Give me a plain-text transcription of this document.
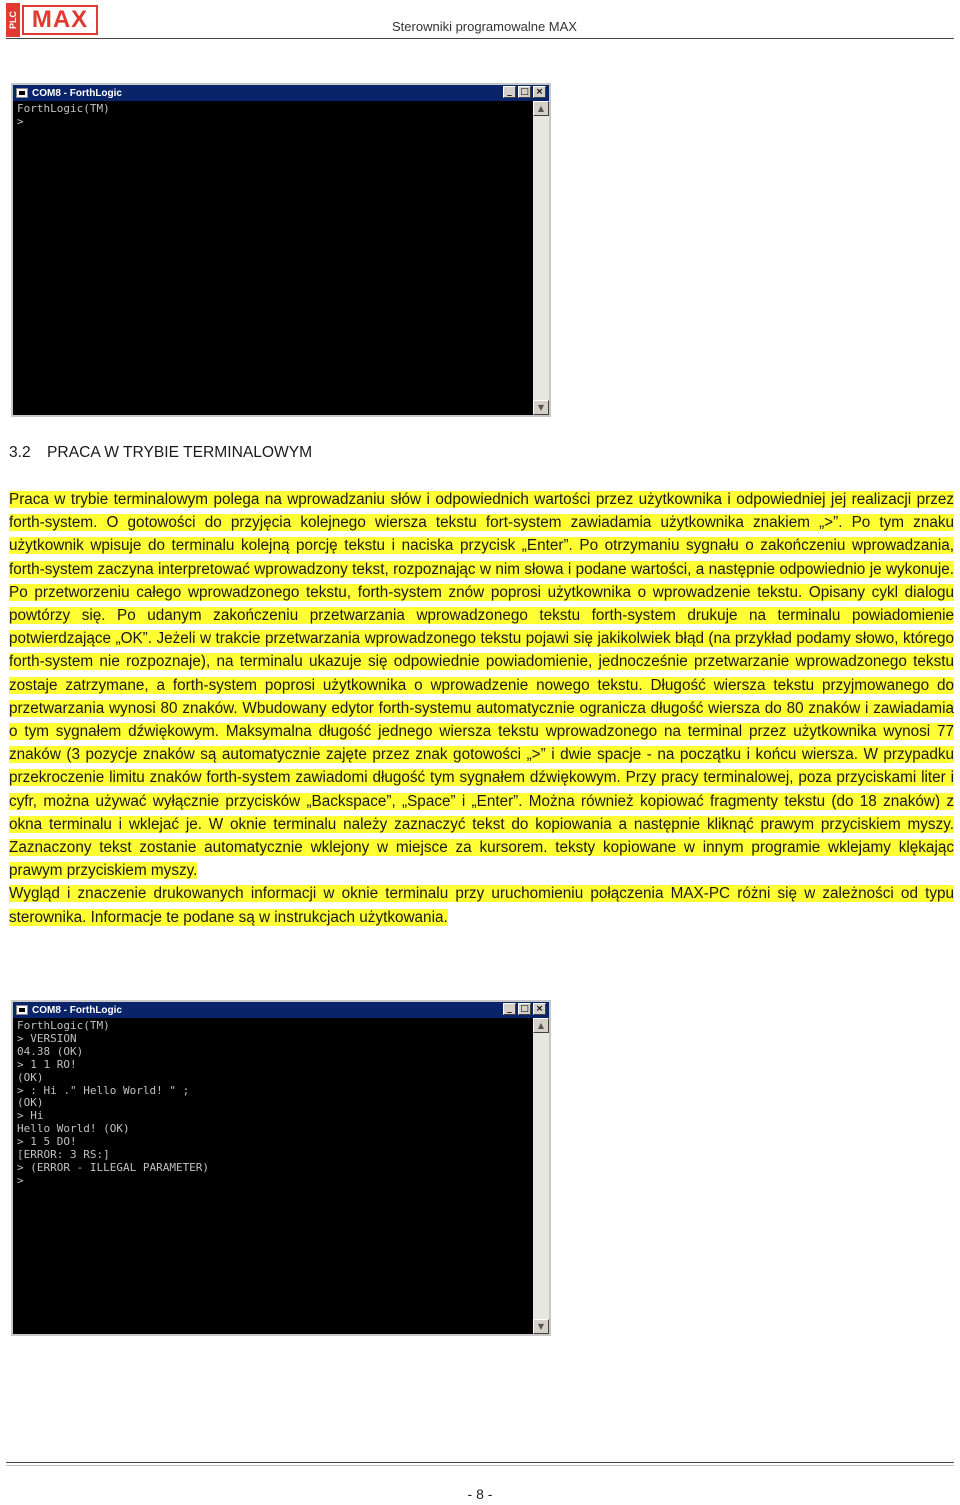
PLC MAX	Sterowniki programowalne MAX
COM8 - ForthLogic	_ □ ×
ForthLogic(TM)
>
▲
▼
3.2 PRACA W TRYBIE TERMINALOWYM

Praca w trybie terminalowym polega na wprowadzaniu słów i odpowiednich wartości przez użytkownika i odpowiedniej jej realizacji przez forth-system. O gotowości do przyjęcia kolejnego wiersza tekstu fort-system zawiadamia użytkownika znakiem „>”. Po tym znaku użytkownik wpisuje do terminalu kolejną porcję tekstu i naciska przycisk „Enter”. Po otrzymaniu sygnału o zakończeniu wprowadzania, forth-system zaczyna interpretować wprowadzony tekst, rozpoznając w nim słowa i podane wartości, a następnie odpowiednio je wykonuje. Po przetworzeniu całego wprowadzonego tekstu, forth-system znów poprosi użytkownika o wprowadzenie tekstu. Opisany cykl dialogu powtórzy się. Po udanym zakończeniu przetwarzania wprowadzonego tekstu forth-system drukuje na terminalu powiadomienie potwierdzające „OK”. Jeżeli w trakcie przetwarzania wprowadzonego tekstu pojawi się jakikolwiek błąd (na przykład podamy słowo, którego forth-system nie rozpoznaje), na terminalu ukazuje się odpowiednie powiadomienie, jednocześnie przetwarzanie wprowadzonego tekstu zostaje zatrzymane, a forth-system poprosi użytkownika o wprowadzenie nowego tekstu. Długość wiersza tekstu przyjmowanego do przetwarzania wynosi 80 znaków. Wbudowany edytor forth-systemu automatycznie ogranicza długość wiersza do 80 znaków i zawiadamia o tym sygnałem dźwiękowym. Maksymalna długość jednego wiersza tekstu wprowadzonego na terminal przez użytkownika wynosi 77 znaków (3 pozycje znaków są automatycznie zajęte przez znak gotowości „>” i dwie spacje - na początku i końcu wiersza. W przypadku przekroczenie limitu znaków forth-system zawiadomi długość tym sygnałem dźwiękowym. Przy pracy terminalowej, poza przyciskami liter i cyfr, można używać wyłącznie przycisków „Backspace”, „Space” i „Enter”. Można również kopiować fragmenty tekstu (do 18 znaków) z okna terminalu i wklejać je. W oknie terminalu należy zaznaczyć tekst do kopiowania a następnie kliknąć prawym przyciskiem myszy. Zaznaczony tekst zostanie automatycznie wklejony w miejsce za kursorem. teksty kopiowane w innym programie wklejamy klękając prawym przyciskiem myszy.
Wygląd i znaczenie drukowanych informacji w oknie terminalu przy uruchomieniu połączenia MAX-PC różni się w zależności od typu sterownika. Informacje te podane są w instrukcjach użytkowania.

COM8 - ForthLogic	_ □ ×
ForthLogic(TM)
> VERSION
04.38 (OK)
> 1 1 RO!
(OK)
> : Hi ." Hello World! " ;
(OK)
> Hi
Hello World! (OK)
> 1 5 DO!
[ERROR: 3 RS:]
> (ERROR - ILLEGAL PARAMETER)
>
▲
▼
- 8 -
